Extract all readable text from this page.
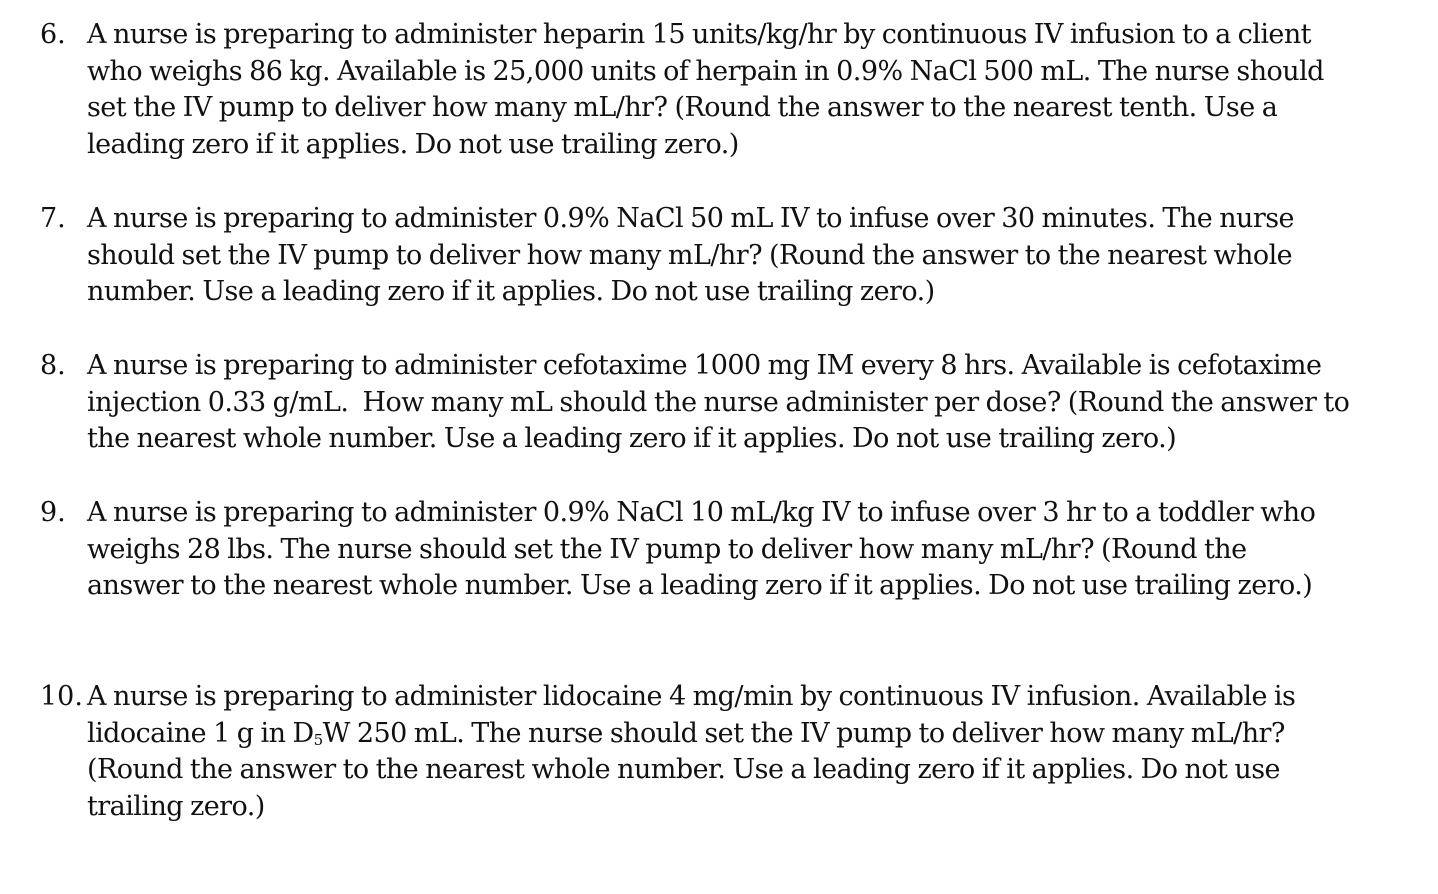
6. A nurse is preparing to administer heparin 15 units/kg/hr by continuous IV infusion to a client
who weighs 86 kg. Available is 25,000 units of herpain in 0.9% NaCl 500 mL. The nurse should
set the IV pump to deliver how many mL/hr? (Round the answer to the nearest tenth. Use a
leading zero if it applies. Do not use trailing zero.)
7. A nurse is preparing to administer 0.9% NaCl 50 mL IV to infuse over 30 minutes. The nurse
should set the IV pump to deliver how many mL/hr? (Round the answer to the nearest whole
number. Use a leading zero if it applies. Do not use trailing zero.)
8. A nurse is preparing to administer cefotaxime 1000 mg IM every 8 hrs. Available is cefotaxime
injection 0.33 g/mL.  How many mL should the nurse administer per dose? (Round the answer to
the nearest whole number. Use a leading zero if it applies. Do not use trailing zero.)
9. A nurse is preparing to administer 0.9% NaCl 10 mL/kg IV to infuse over 3 hr to a toddler who
weighs 28 lbs. The nurse should set the IV pump to deliver how many mL/hr? (Round the
answer to the nearest whole number. Use a leading zero if it applies. Do not use trailing zero.)
10. A nurse is preparing to administer lidocaine 4 mg/min by continuous IV infusion. Available is
lidocaine 1 g in $D_5W$ 250 mL. The nurse should set the IV pump to deliver how many mL/hr?
(Round the answer to the nearest whole number. Use a leading zero if it applies. Do not use
trailing zero.)
